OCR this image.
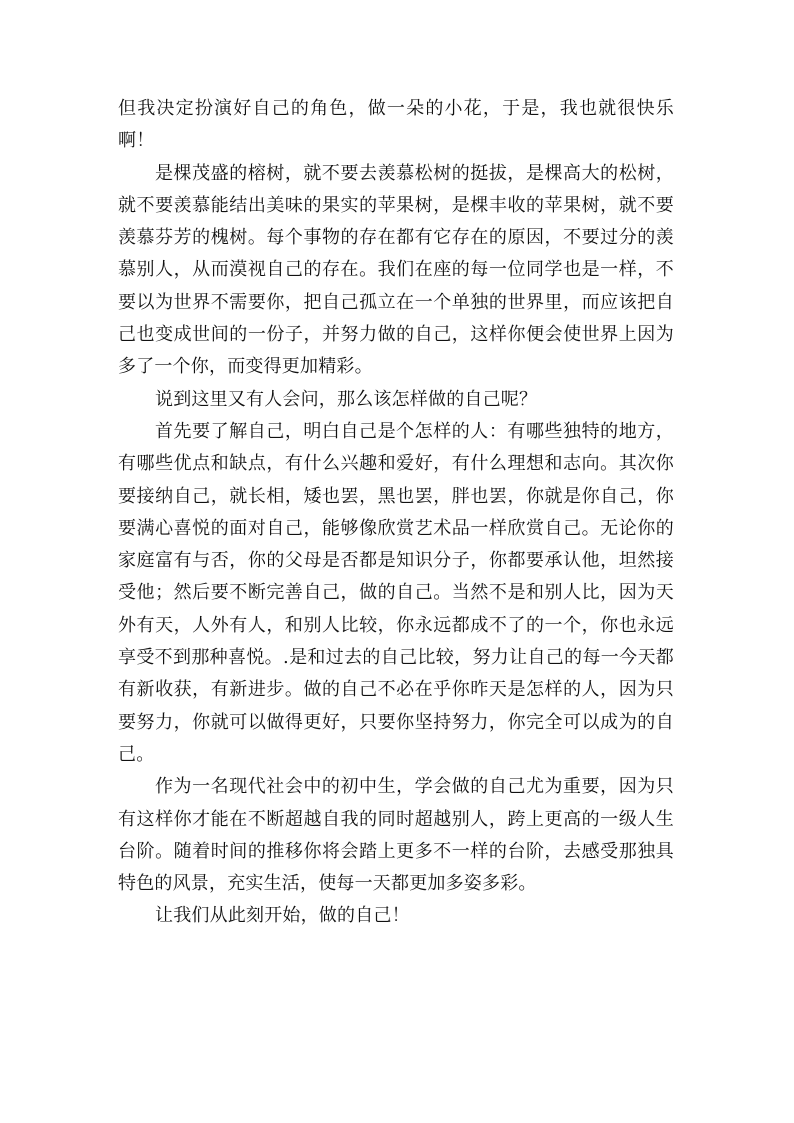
但我决定扮演好自己的角色，做一朵的小花，于是，我也就很快乐啊！

是棵茂盛的榕树，就不要去羡慕松树的挺拔，是棵高大的松树，就不要羡慕能结出美味的果实的苹果树，是棵丰收的苹果树，就不要羡慕芬芳的槐树。每个事物的存在都有它存在的原因，不要过分的羡慕别人，从而漠视自己的存在。我们在座的每一位同学也是一样，不要以为世界不需要你，把自己孤立在一个单独的世界里，而应该把自己也变成世间的一份子，并努力做的自己，这样你便会使世界上因为多了一个你，而变得更加精彩。

说到这里又有人会问，那么该怎样做的自己呢？

首先要了解自己，明白自己是个怎样的人：有哪些独特的地方，有哪些优点和缺点，有什么兴趣和爱好，有什么理想和志向。其次你要接纳自己，就长相，矮也罢，黑也罢，胖也罢，你就是你自己，你要满心喜悦的面对自己，能够像欣赏艺术品一样欣赏自己。无论你的家庭富有与否，你的父母是否都是知识分子，你都要承认他，坦然接受他；然后要不断完善自己，做的自己。当然不是和别人比，因为天外有天，人外有人，和别人比较，你永远都成不了的一个，你也永远享受不到那种喜悦。.是和过去的自己比较，努力让自己的每一今天都有新收获，有新进步。做的自己不必在乎你昨天是怎样的人，因为只要努力，你就可以做得更好，只要你坚持努力，你完全可以成为的自己。

作为一名现代社会中的初中生，学会做的自己尤为重要，因为只有这样你才能在不断超越自我的同时超越别人，跨上更高的一级人生台阶。随着时间的推移你将会踏上更多不一样的台阶，去感受那独具特色的风景，充实生活，使每一天都更加多姿多彩。

让我们从此刻开始，做的自己！
